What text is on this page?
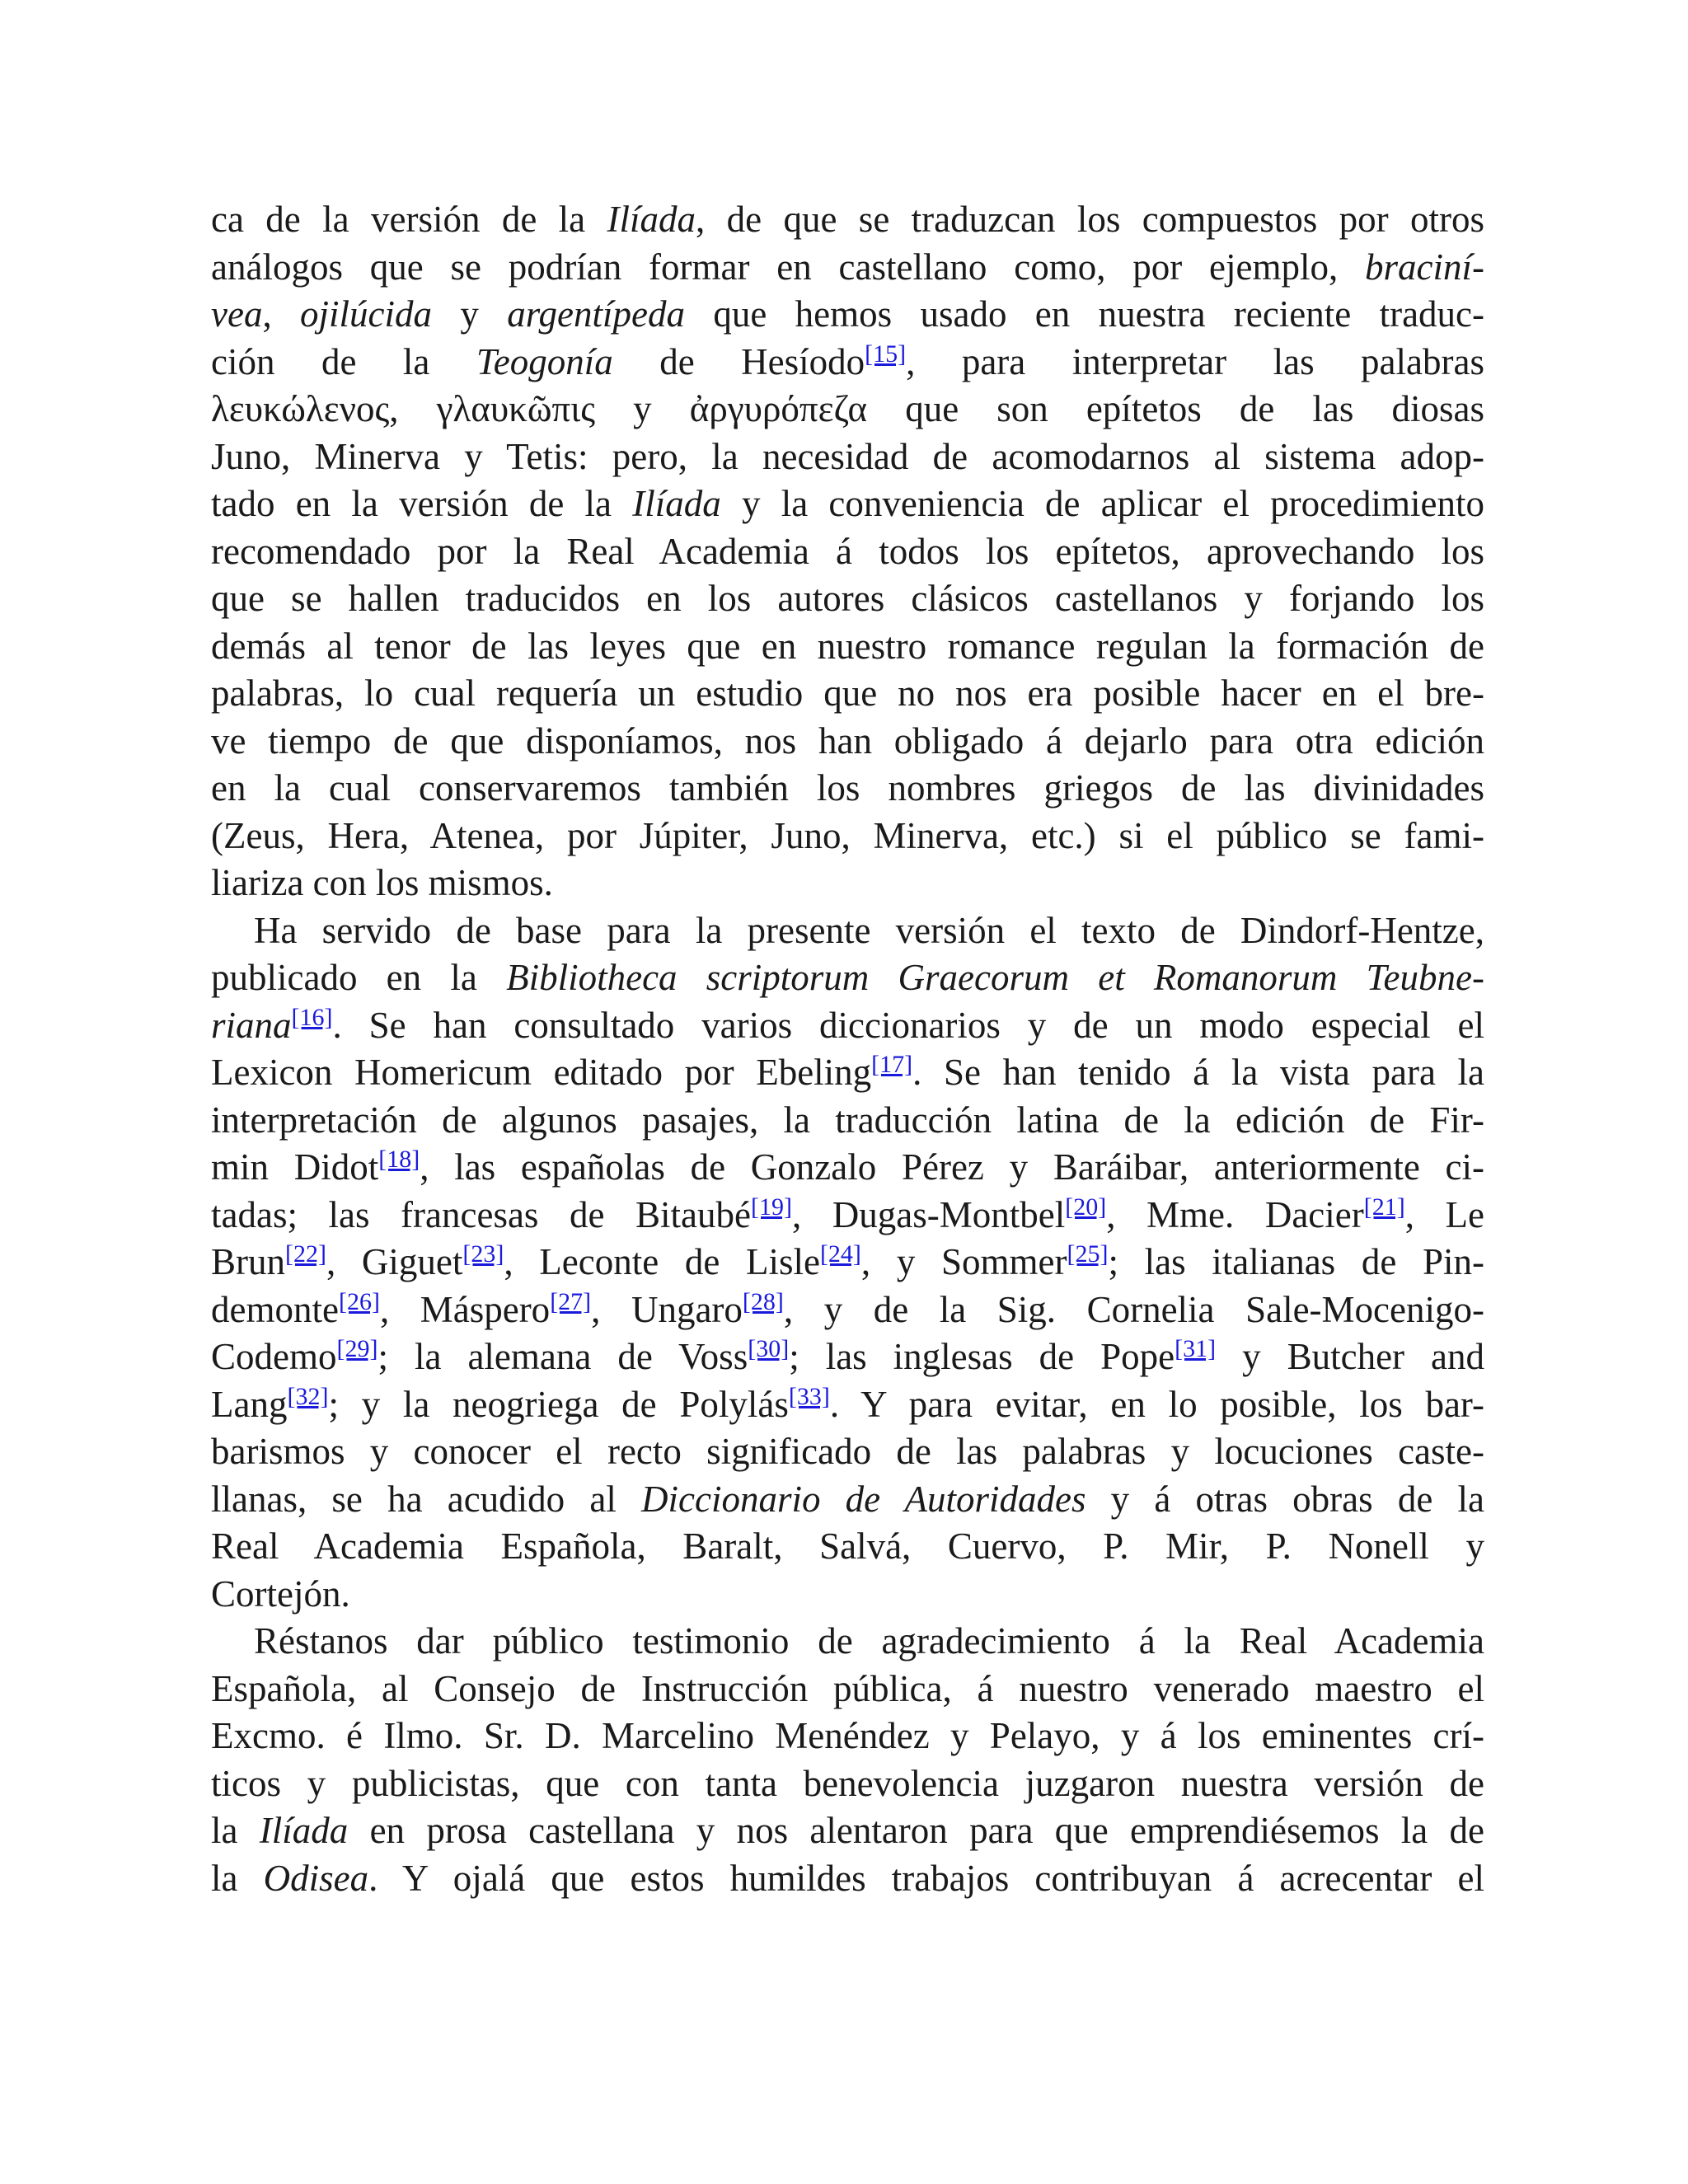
ca de la versión de la Ilíada, de que se traduzcan los compuestos por otros
análogos que se podrían formar en castellano como, por ejemplo, braciní-
vea, ojilúcida y argentípeda que hemos usado en nuestra reciente traduc-
ción de la Teogonía de Hesíodo[15], para interpretar las palabras
λευκώλενος, γλαυκῶπις y ἀργυρόπεζα que son epítetos de las diosas
Juno, Minerva y Tetis: pero, la necesidad de acomodarnos al sistema adop-
tado en la versión de la Ilíada y la conveniencia de aplicar el procedimiento
recomendado por la Real Academia á todos los epítetos, aprovechando los
que se hallen traducidos en los autores clásicos castellanos y forjando los
demás al tenor de las leyes que en nuestro romance regulan la formación de
palabras, lo cual requería un estudio que no nos era posible hacer en el bre-
ve tiempo de que disponíamos, nos han obligado á dejarlo para otra edición
en la cual conservaremos también los nombres griegos de las divinidades
(Zeus, Hera, Atenea, por Júpiter, Juno, Minerva, etc.) si el público se fami-
liariza con los mismos.
Ha servido de base para la presente versión el texto de Dindorf-Hentze,
publicado en la Bibliotheca scriptorum Graecorum et Romanorum Teubne-
riana[16]. Se han consultado varios diccionarios y de un modo especial el
Lexicon Homericum editado por Ebeling[17]. Se han tenido á la vista para la
interpretación de algunos pasajes, la traducción latina de la edición de Fir-
min Didot[18], las españolas de Gonzalo Pérez y Baráibar, anteriormente ci-
tadas; las francesas de Bitaubé[19], Dugas-Montbel[20], Mme. Dacier[21], Le
Brun[22], Giguet[23], Leconte de Lisle[24], y Sommer[25]; las italianas de Pin-
demonte[26], Máspero[27], Ungaro[28], y de la Sig. Cornelia Sale-Mocenigo-
Codemo[29]; la alemana de Voss[30]; las inglesas de Pope[31] y Butcher and
Lang[32]; y la neogriega de Polylás[33]. Y para evitar, en lo posible, los bar-
barismos y conocer el recto significado de las palabras y locuciones caste-
llanas, se ha acudido al Diccionario de Autoridades y á otras obras de la
Real Academia Española, Baralt, Salvá, Cuervo, P. Mir, P. Nonell y
Cortejón.
Réstanos dar público testimonio de agradecimiento á la Real Academia
Española, al Consejo de Instrucción pública, á nuestro venerado maestro el
Excmo. é Ilmo. Sr. D. Marcelino Menéndez y Pelayo, y á los eminentes crí-
ticos y publicistas, que con tanta benevolencia juzgaron nuestra versión de
la Ilíada en prosa castellana y nos alentaron para que emprendiésemos la de
la Odisea. Y ojalá que estos humildes trabajos contribuyan á acrecentar el
